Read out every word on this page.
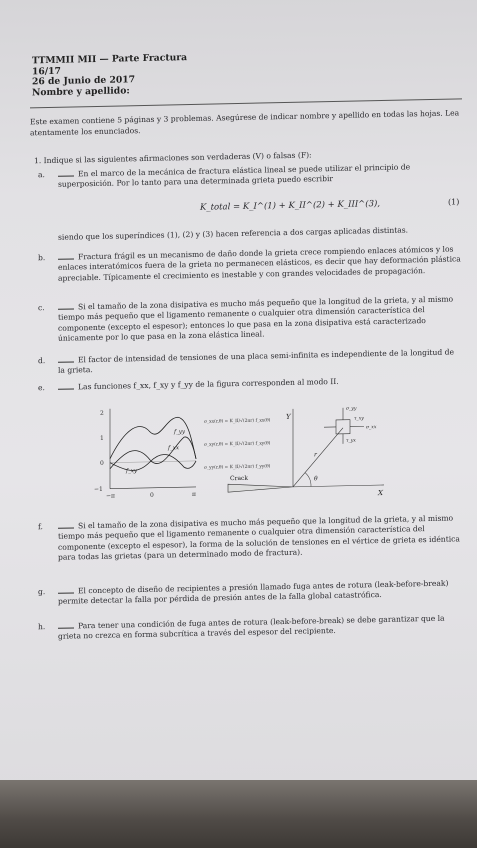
TTMMII MII — Parte Fractura
16/17
26 de Junio de 2017
Nombre y apellido:
Este examen contiene 5 páginas y 3 problemas. Asegúrese de indicar nombre y apellido en todas las hojas. Lea atentamente los enunciados.
1. Indique si las siguientes afirmaciones son verdaderas (V) o falsas (F):
a.	En el marco de la mecánica de fractura elástica lineal se puede utilizar el principio de superposición. Por lo tanto para una determinada grieta puedo escribir
K_total = K_I^(1) + K_II^(2) + K_III^(3),	(1)
siendo que los superíndices (1), (2) y (3) hacen referencia a dos cargas aplicadas distintas.
b.	Fractura frágil es un mecanismo de daño donde la grieta crece rompiendo enlaces atómicos y los enlaces interatómicos fuera de la grieta no permanecen elásticos, es decir que hay deformación plástica apreciable. Típicamente el crecimiento es inestable y con grandes velocidades de propagación.
c.	Si el tamaño de la zona disipativa es mucho más pequeño que la longitud de la grieta, y al mismo tiempo más pequeño que el ligamento remanente o cualquier otra dimensión característica del componente (excepto el espesor); entonces lo que pasa en la zona disipativa está caracterizado únicamente por lo que pasa en la zona elástica lineal.
d.	El factor de intensidad de tensiones de una placa semi-infinita es independiente de la longitud de la grieta.
e.	Las funciones f_xx, f_xy y f_yy de la figura corresponden al modo II.
2
1
0
−1
−π	0	π
f_yy
f_xx
f_xy
σ_xx(r,θ) = K_II/√(2πr) f_xx(θ)
σ_xy(r,θ) = K_II/√(2πr) f_xy(θ)
σ_yy(r,θ) = K_II/√(2πr) f_yy(θ)
Y
X
Crack
r
θ
σ_yy
τ_xy
σ_xx
τ_yx
f.	Si el tamaño de la zona disipativa es mucho más pequeño que la longitud de la grieta, y al mismo tiempo más pequeño que el ligamento remanente o cualquier otra dimensión característica del componente (excepto el espesor), la forma de la solución de tensiones en el vértice de grieta es idéntica para todas las grietas (para un determinado modo de fractura).
g.	El concepto de diseño de recipientes a presión llamado fuga antes de rotura (leak-before-break) permite detectar la falla por pérdida de presión antes de la falla global catastrófica.
h.	Para tener una condición de fuga antes de rotura (leak-before-break) se debe garantizar que la grieta no crezca en forma subcrítica a través del espesor del recipiente.
